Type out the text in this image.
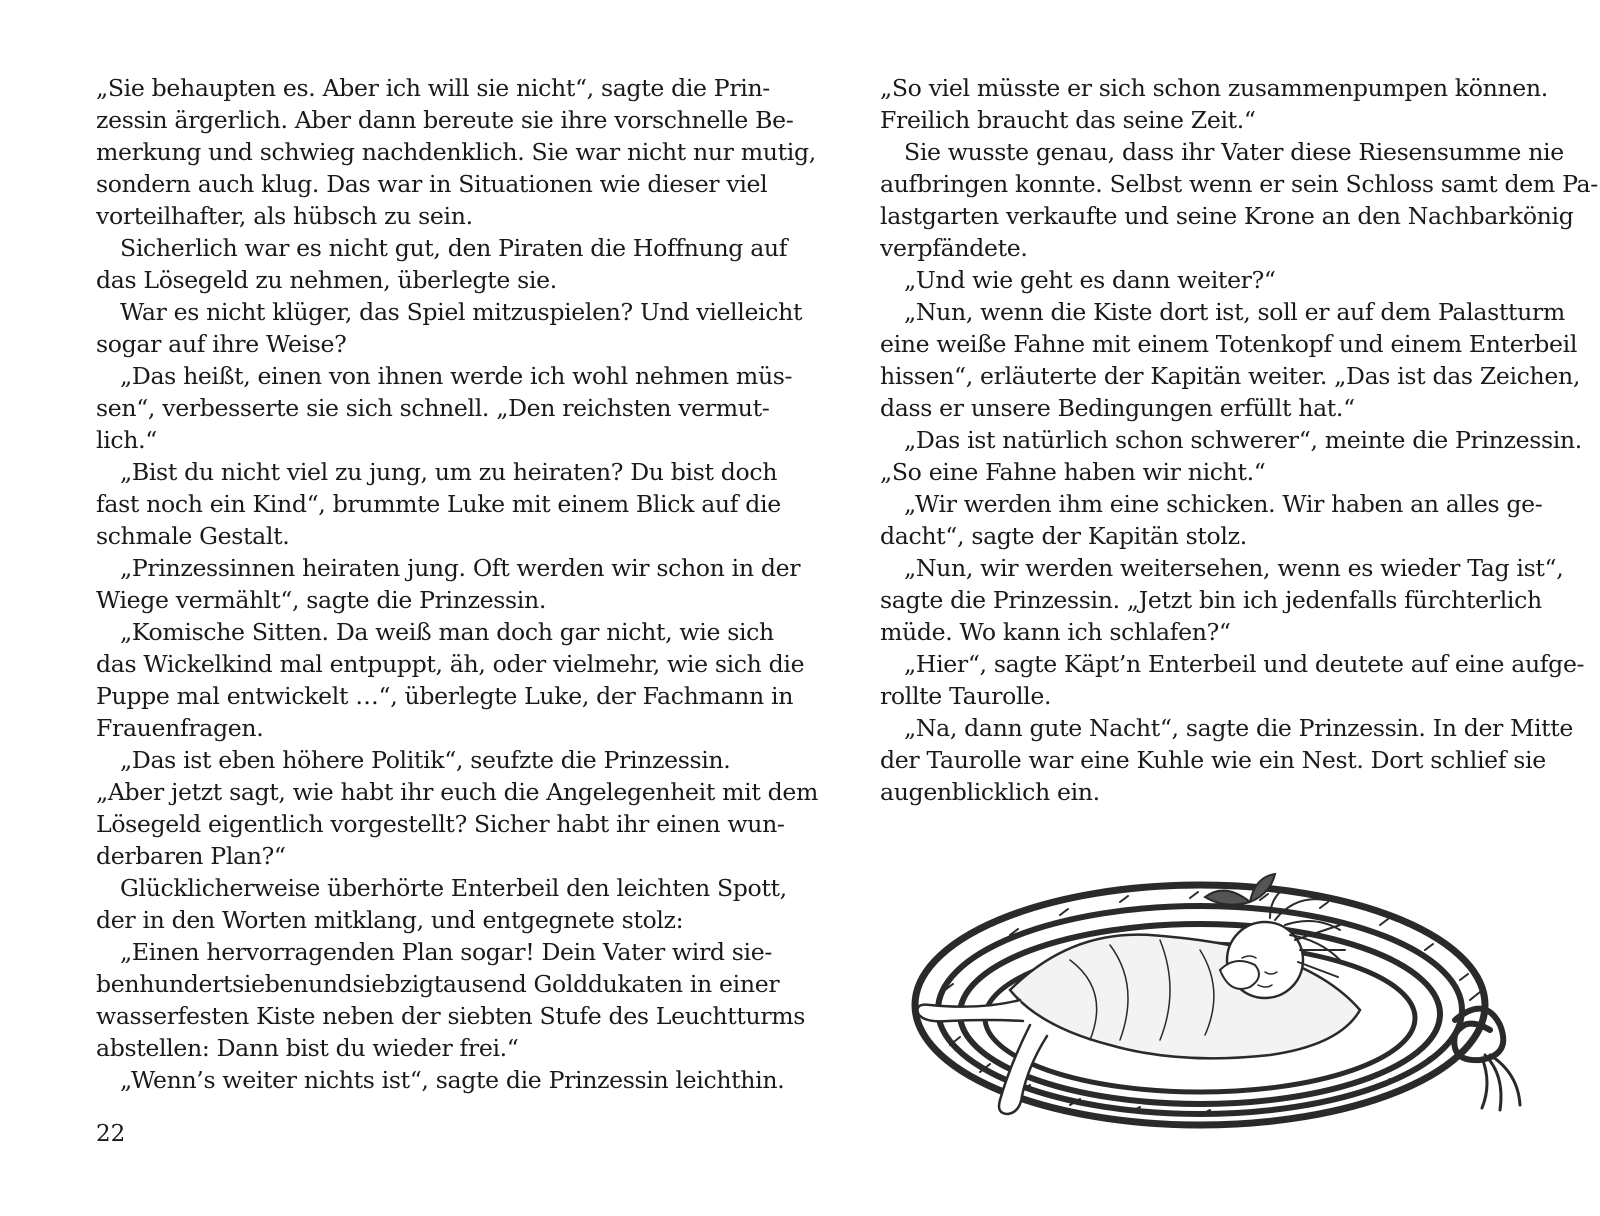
„Sie behaupten es. Aber ich will sie nicht“, sagte die Prin-
zessin ärgerlich. Aber dann bereute sie ihre vorschnelle Be-
merkung und schwieg nachdenklich. Sie war nicht nur mutig,
sondern auch klug. Das war in Situationen wie dieser viel
vorteilhafter, als hübsch zu sein.
Sicherlich war es nicht gut, den Piraten die Hoffnung auf
das Lösegeld zu nehmen, überlegte sie.
War es nicht klüger, das Spiel mitzuspielen? Und vielleicht
sogar auf ihre Weise?
„Das heißt, einen von ihnen werde ich wohl nehmen müs-
sen“, verbesserte sie sich schnell. „Den reichsten vermut-
lich.“
„Bist du nicht viel zu jung, um zu heiraten? Du bist doch
fast noch ein Kind“, brummte Luke mit einem Blick auf die
schmale Gestalt.
„Prinzessinnen heiraten jung. Oft werden wir schon in der
Wiege vermählt“, sagte die Prinzessin.
„Komische Sitten. Da weiß man doch gar nicht, wie sich
das Wickelkind mal entpuppt, äh, oder vielmehr, wie sich die
Puppe mal entwickelt …“, überlegte Luke, der Fachmann in
Frauenfragen.
„Das ist eben höhere Politik“, seufzte die Prinzessin.
„Aber jetzt sagt, wie habt ihr euch die Angelegenheit mit dem
Lösegeld eigentlich vorgestellt? Sicher habt ihr einen wun-
derbaren Plan?“
Glücklicherweise überhörte Enterbeil den leichten Spott,
der in den Worten mitklang, und entgegnete stolz:
„Einen hervorragenden Plan sogar! Dein Vater wird sie-
benhundertsiebenundsiebzigtausend Golddukaten in einer
wasserfesten Kiste neben der siebten Stufe des Leuchtturms
abstellen: Dann bist du wieder frei.“
„Wenn’s weiter nichts ist“, sagte die Prinzessin leichthin.
22
„So viel müsste er sich schon zusammenpumpen können.
Freilich braucht das seine Zeit.“
Sie wusste genau, dass ihr Vater diese Riesensumme nie
aufbringen konnte. Selbst wenn er sein Schloss samt dem Pa-
lastgarten verkaufte und seine Krone an den Nachbarkönig
verpfändete.
„Und wie geht es dann weiter?“
„Nun, wenn die Kiste dort ist, soll er auf dem Palastturm
eine weiße Fahne mit einem Totenkopf und einem Enterbeil
hissen“, erläuterte der Kapitän weiter. „Das ist das Zeichen,
dass er unsere Bedingungen erfüllt hat.“
„Das ist natürlich schon schwerer“, meinte die Prinzessin.
„So eine Fahne haben wir nicht.“
„Wir werden ihm eine schicken. Wir haben an alles ge-
dacht“, sagte der Kapitän stolz.
„Nun, wir werden weitersehen, wenn es wieder Tag ist“,
sagte die Prinzessin. „Jetzt bin ich jedenfalls fürchterlich
müde. Wo kann ich schlafen?“
„Hier“, sagte Käpt’n Enterbeil und deutete auf eine aufge-
rollte Taurolle.
„Na, dann gute Nacht“, sagte die Prinzessin. In der Mitte
der Taurolle war eine Kuhle wie ein Nest. Dort schlief sie
augenblicklich ein.
